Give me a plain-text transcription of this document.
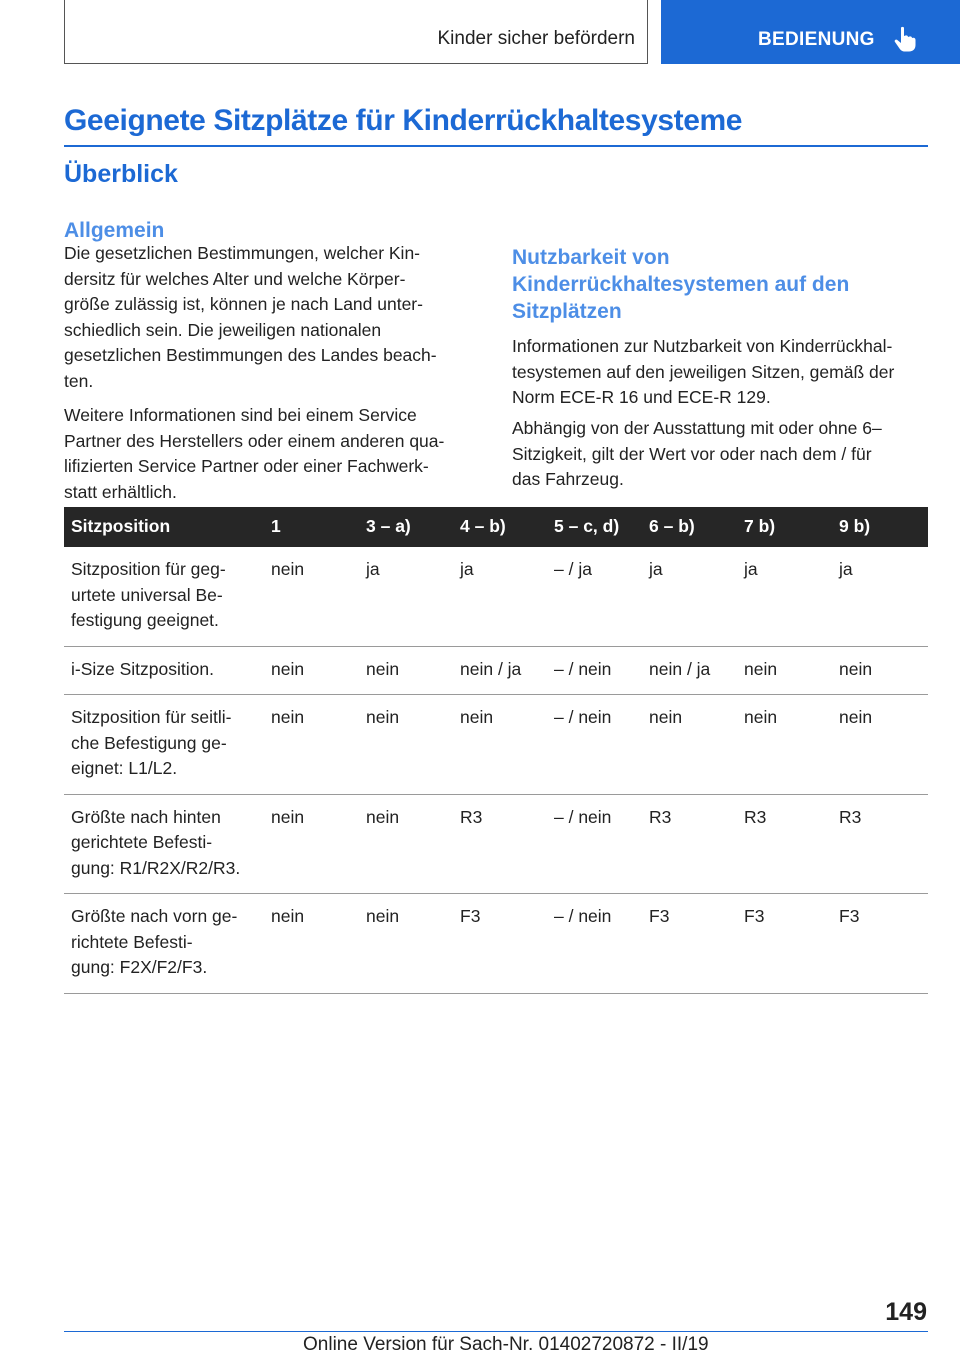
Kinder sicher befördern	BEDIENUNG
Geeignete Sitzplätze für Kinderrückhaltesysteme
Überblick
Allgemein

Die gesetzlichen Bestimmungen, welcher Kin-
dersitz für welches Alter und welche Körper-
größe zulässig ist, können je nach Land unter-
schiedlich sein. Die jeweiligen nationalen
gesetzlichen Bestimmungen des Landes beach-
ten.

Weitere Informationen sind bei einem Service
Partner des Herstellers oder einem anderen qua-
lifizierten Service Partner oder einer Fachwerk-
statt erhältlich.

Nutzbarkeit von
Kinderrückhaltesystemen auf den
Sitzplätzen

Informationen zur Nutzbarkeit von Kinderrückhal-
tesystemen auf den jeweiligen Sitzen, gemäß der
Norm ECE-R 16 und ECE-R 129.

Abhängig von der Ausstattung mit oder ohne 6–
Sitzigkeit, gilt der Wert vor oder nach dem / für
das Fahrzeug.

Sitzposition	1	3 – a)	4 – b)	5 – c, d)	6 – b)	7 b)	9 b)
Sitzposition für geg-
urtete universal Be-
festigung geeignet.	nein	ja	ja	– / ja	ja	ja	ja
i-Size Sitzposition.	nein	nein	nein / ja	– / nein	nein / ja	nein	nein
Sitzposition für seitli-
che Befestigung ge-
eignet: L1/L2.	nein	nein	nein	– / nein	nein	nein	nein
Größte nach hinten
gerichtete Befesti-
gung: R1/R2X/R2/R3.	nein	nein	R3	– / nein	R3	R3	R3
Größte nach vorn ge-
richtete Befesti-
gung: F2X/F2/F3.	nein	nein	F3	– / nein	F3	F3	F3
149
Online Version für Sach-Nr. 01402720872 - II/19
